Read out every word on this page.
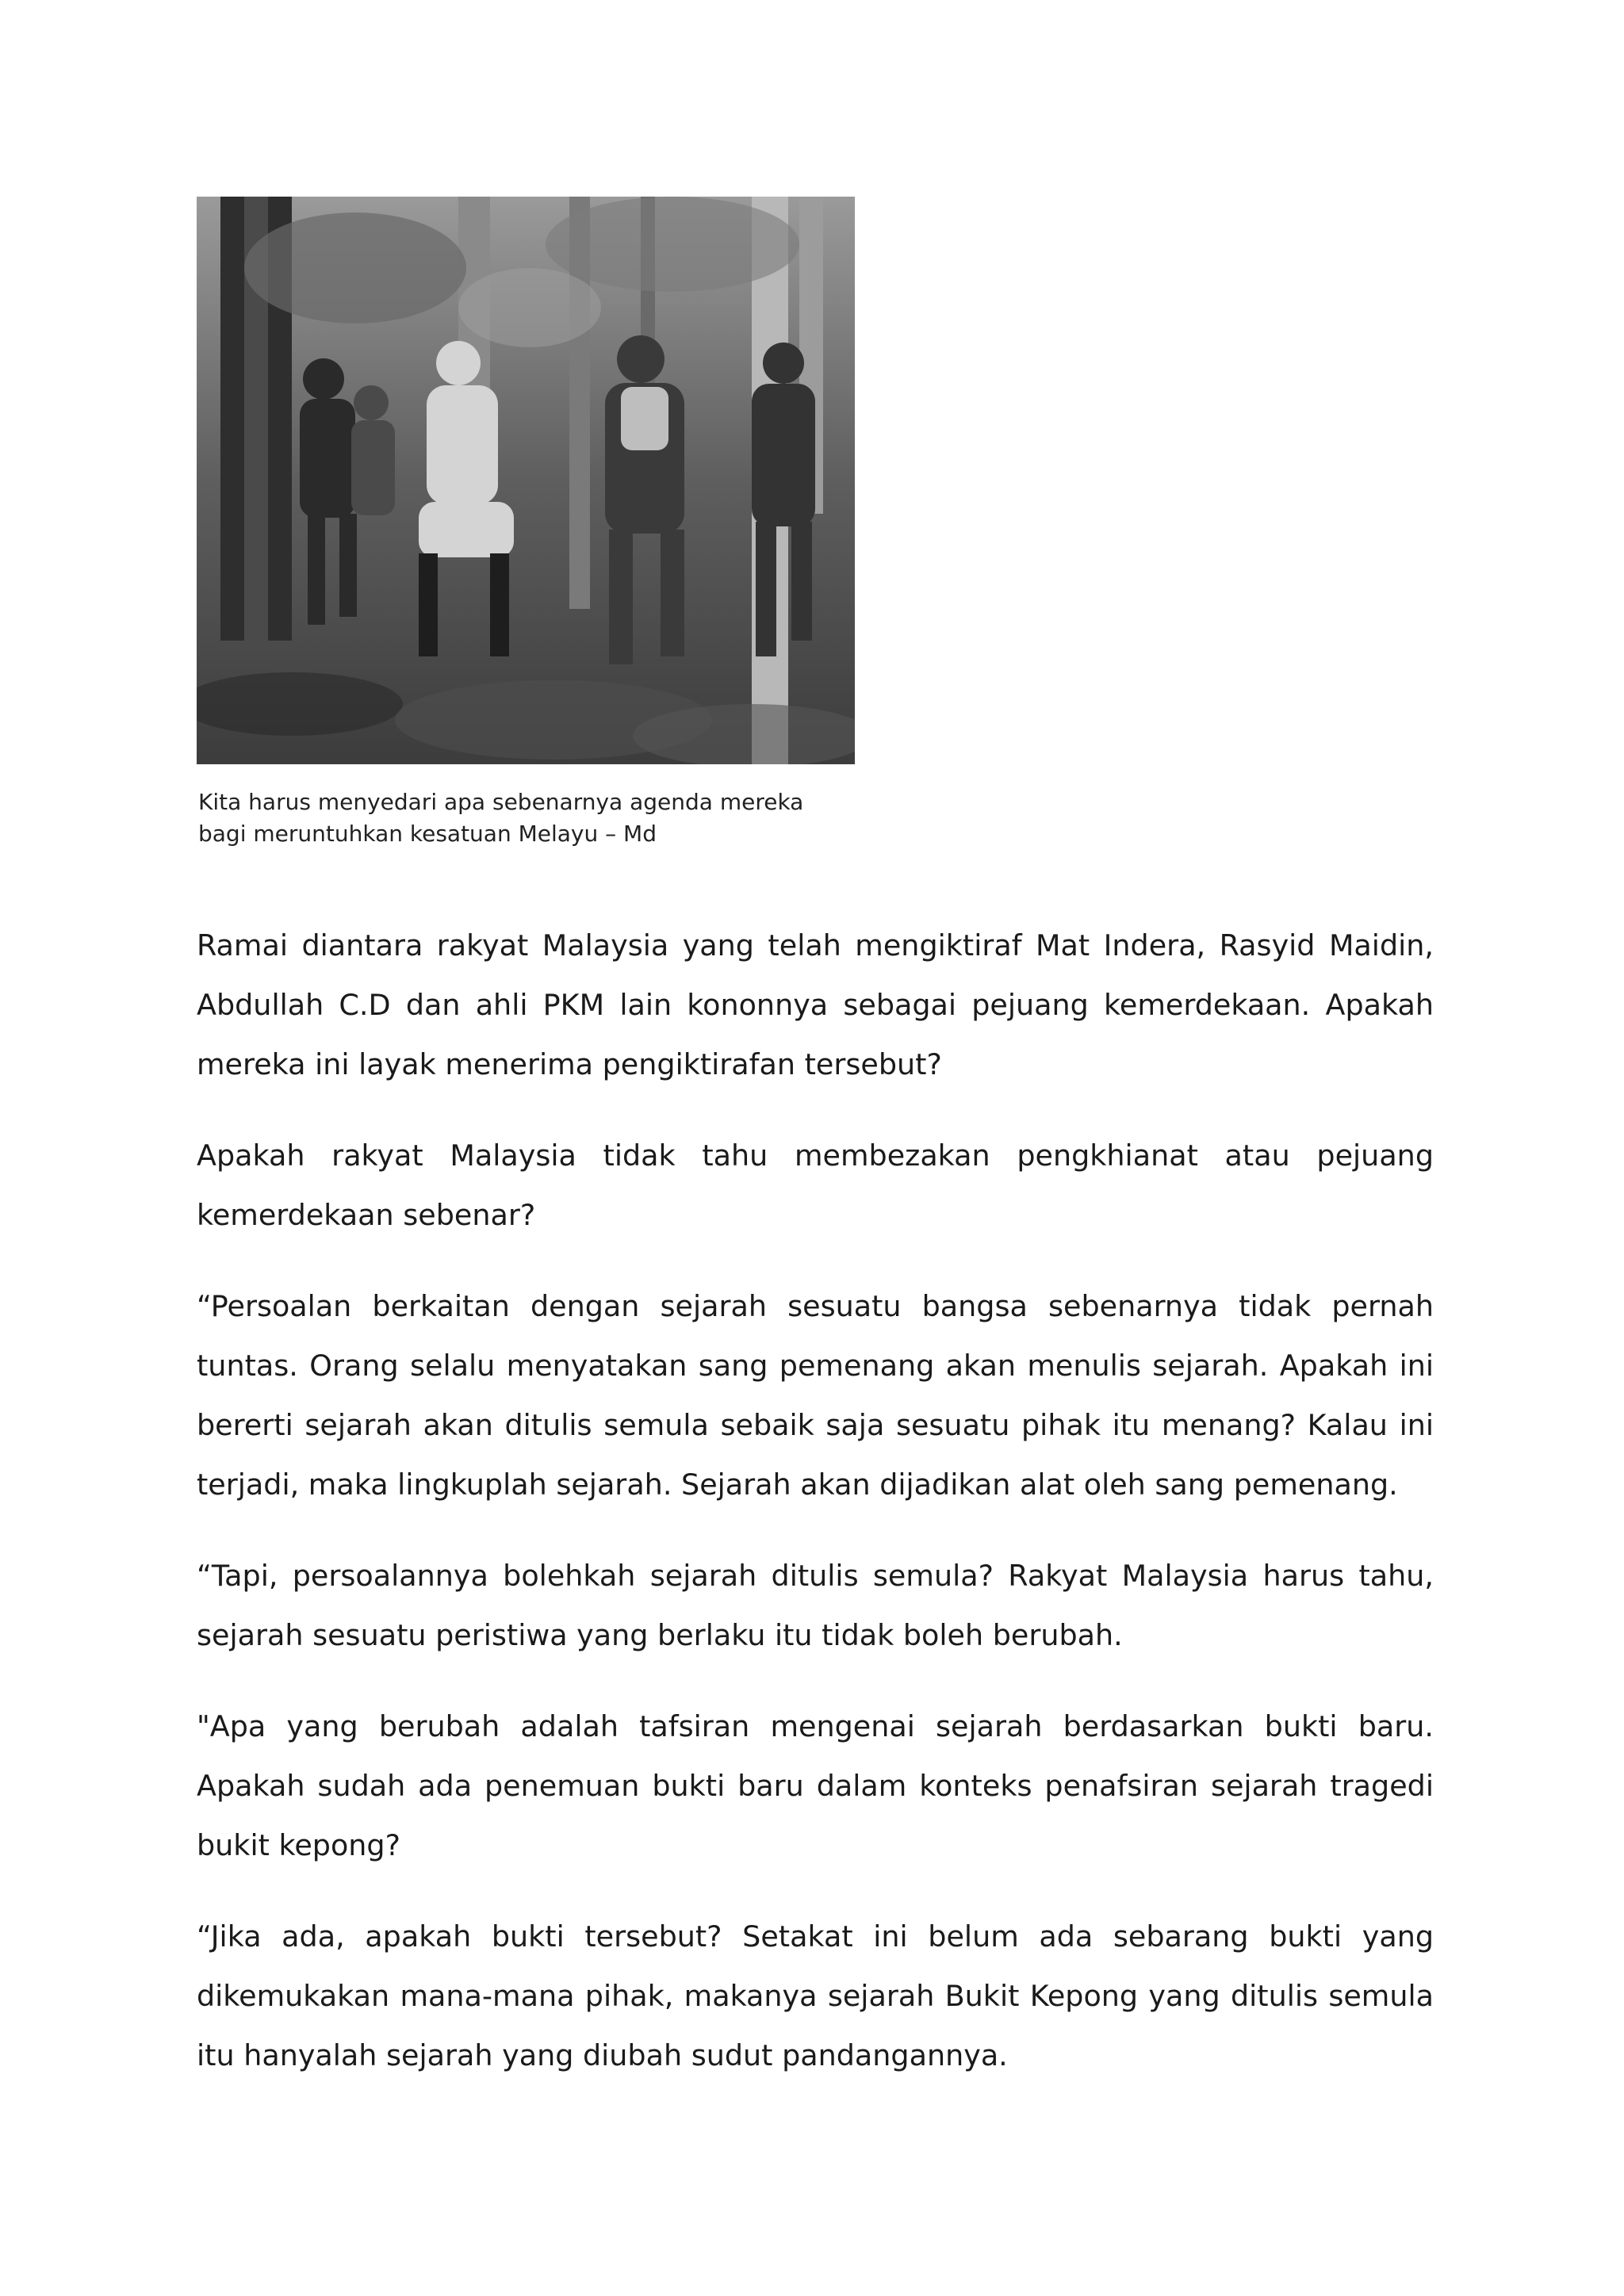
Kita harus menyedari apa sebenarnya agenda mereka
bagi meruntuhkan kesatuan Melayu – Md

Ramai diantara rakyat Malaysia yang telah mengiktiraf Mat Indera, Rasyid Maidin, Abdullah C.D dan ahli PKM lain kononnya sebagai pejuang kemerdekaan. Apakah mereka ini layak menerima pengiktirafan tersebut?

Apakah rakyat Malaysia tidak tahu membezakan pengkhianat atau pejuang kemerdekaan sebenar?

“Persoalan berkaitan dengan sejarah sesuatu bangsa sebenarnya tidak pernah tuntas. Orang selalu menyatakan sang pemenang akan menulis sejarah. Apakah ini bererti sejarah akan ditulis semula sebaik saja sesuatu pihak itu menang? Kalau ini terjadi, maka lingkuplah sejarah. Sejarah akan dijadikan alat oleh sang pemenang.

“Tapi, persoalannya bolehkah sejarah ditulis semula? Rakyat Malaysia harus tahu, sejarah sesuatu peristiwa yang berlaku itu tidak boleh berubah.

"Apa yang berubah adalah tafsiran mengenai sejarah berdasarkan bukti baru. Apakah sudah ada penemuan bukti baru dalam konteks penafsiran sejarah tragedi bukit kepong?

“Jika ada, apakah bukti tersebut? Setakat ini belum ada sebarang bukti yang dikemukakan mana-mana pihak, makanya sejarah Bukit Kepong yang ditulis semula itu hanyalah sejarah yang diubah sudut pandangannya.
